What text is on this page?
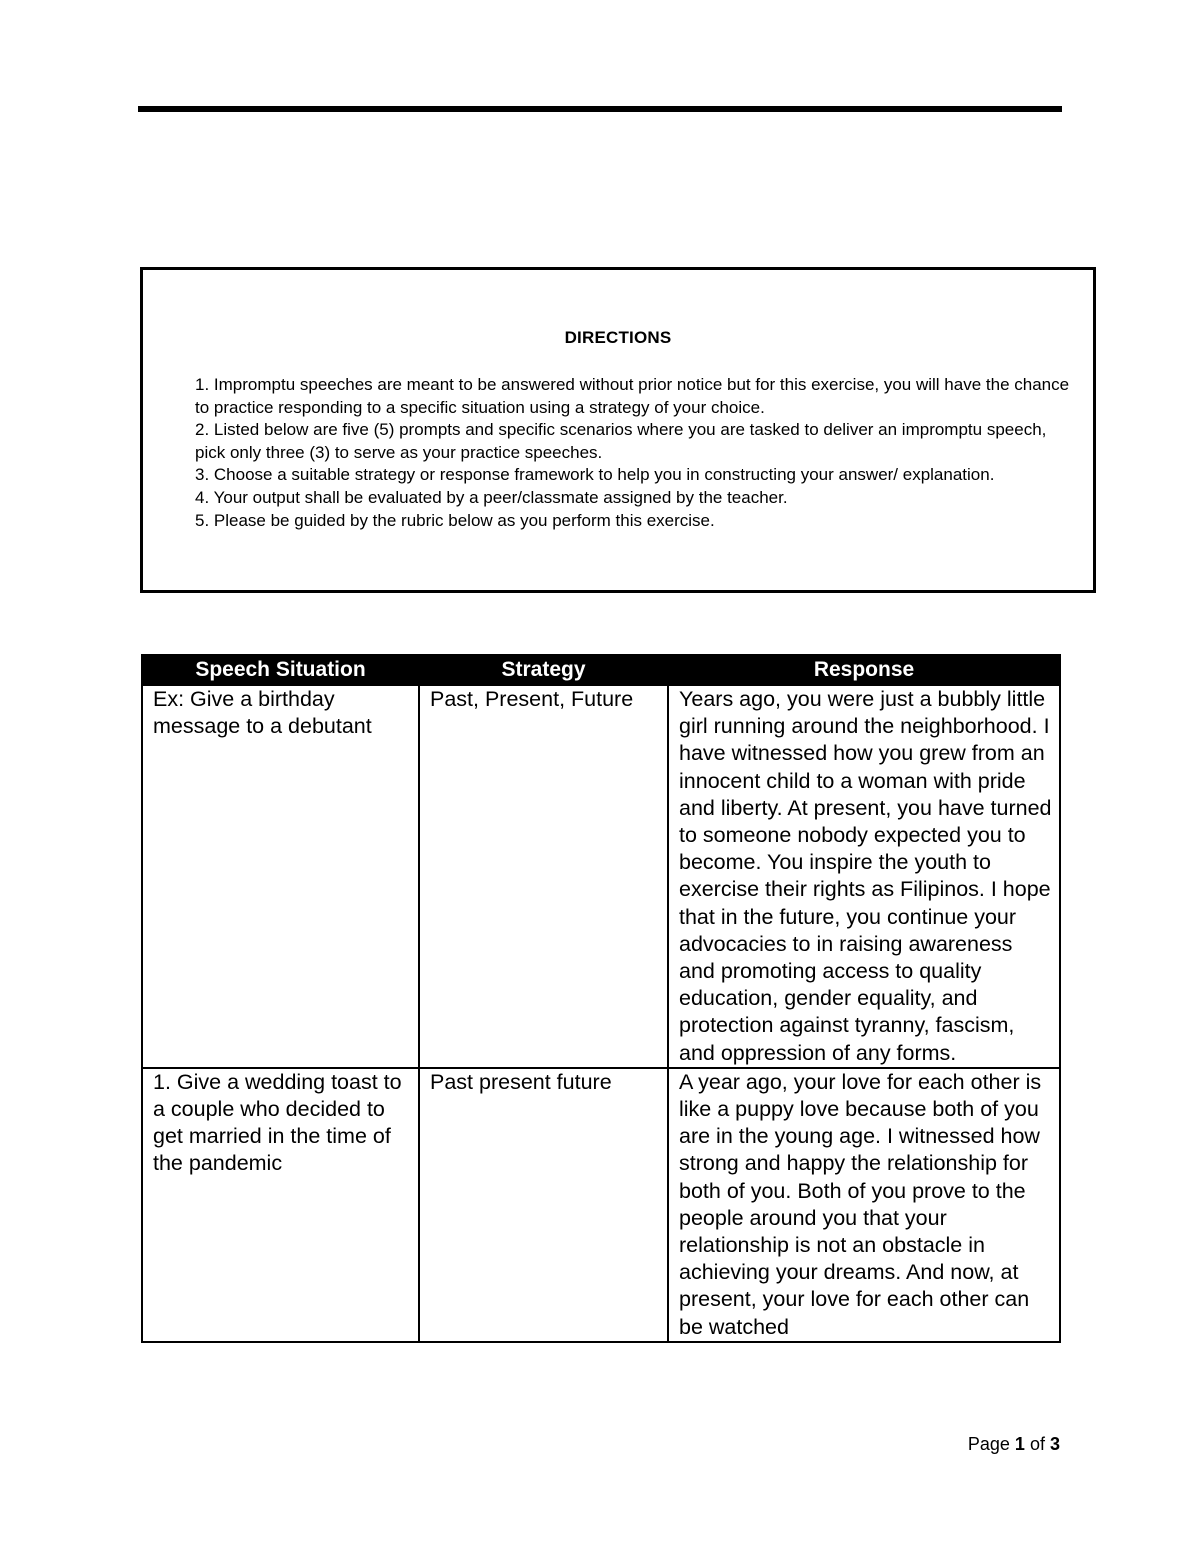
DIRECTIONS
1. Impromptu speeches are meant to be answered without prior notice but for this exercise, you will have the chance to practice responding to a specific situation using a strategy of your choice.
2. Listed below are five (5) prompts and specific scenarios where you are tasked to deliver an impromptu speech, pick only three (3) to serve as your practice speeches.
3. Choose a suitable strategy or response framework to help you in constructing your answer/ explanation.
4. Your output shall be evaluated by a peer/classmate assigned by the teacher.
5. Please be guided by the rubric below as you perform this exercise.
Speech Situation	Strategy	Response
Ex: Give a birthday message to a debutant	Past, Present, Future	Years ago, you were just a bubbly little girl running around the neighborhood. I have witnessed how you grew from an innocent child to a woman with pride and liberty. At present, you have turned to someone nobody expected you to become. You inspire the youth to exercise their rights as Filipinos. I hope that in the future, you continue your advocacies to in raising awareness and promoting access to quality education, gender equality, and protection against tyranny, fascism, and oppression of any forms.
1. Give a wedding toast to a couple who decided to get married in the time of the pandemic	Past present future	A year ago, your love for each other is like a puppy love because both of you are in the young age. I witnessed how strong and happy the relationship for both of you. Both of you prove to the people around you that your relationship is not an obstacle in achieving your dreams. And now, at present, your love for each other can be watched
Page 1 of 3
